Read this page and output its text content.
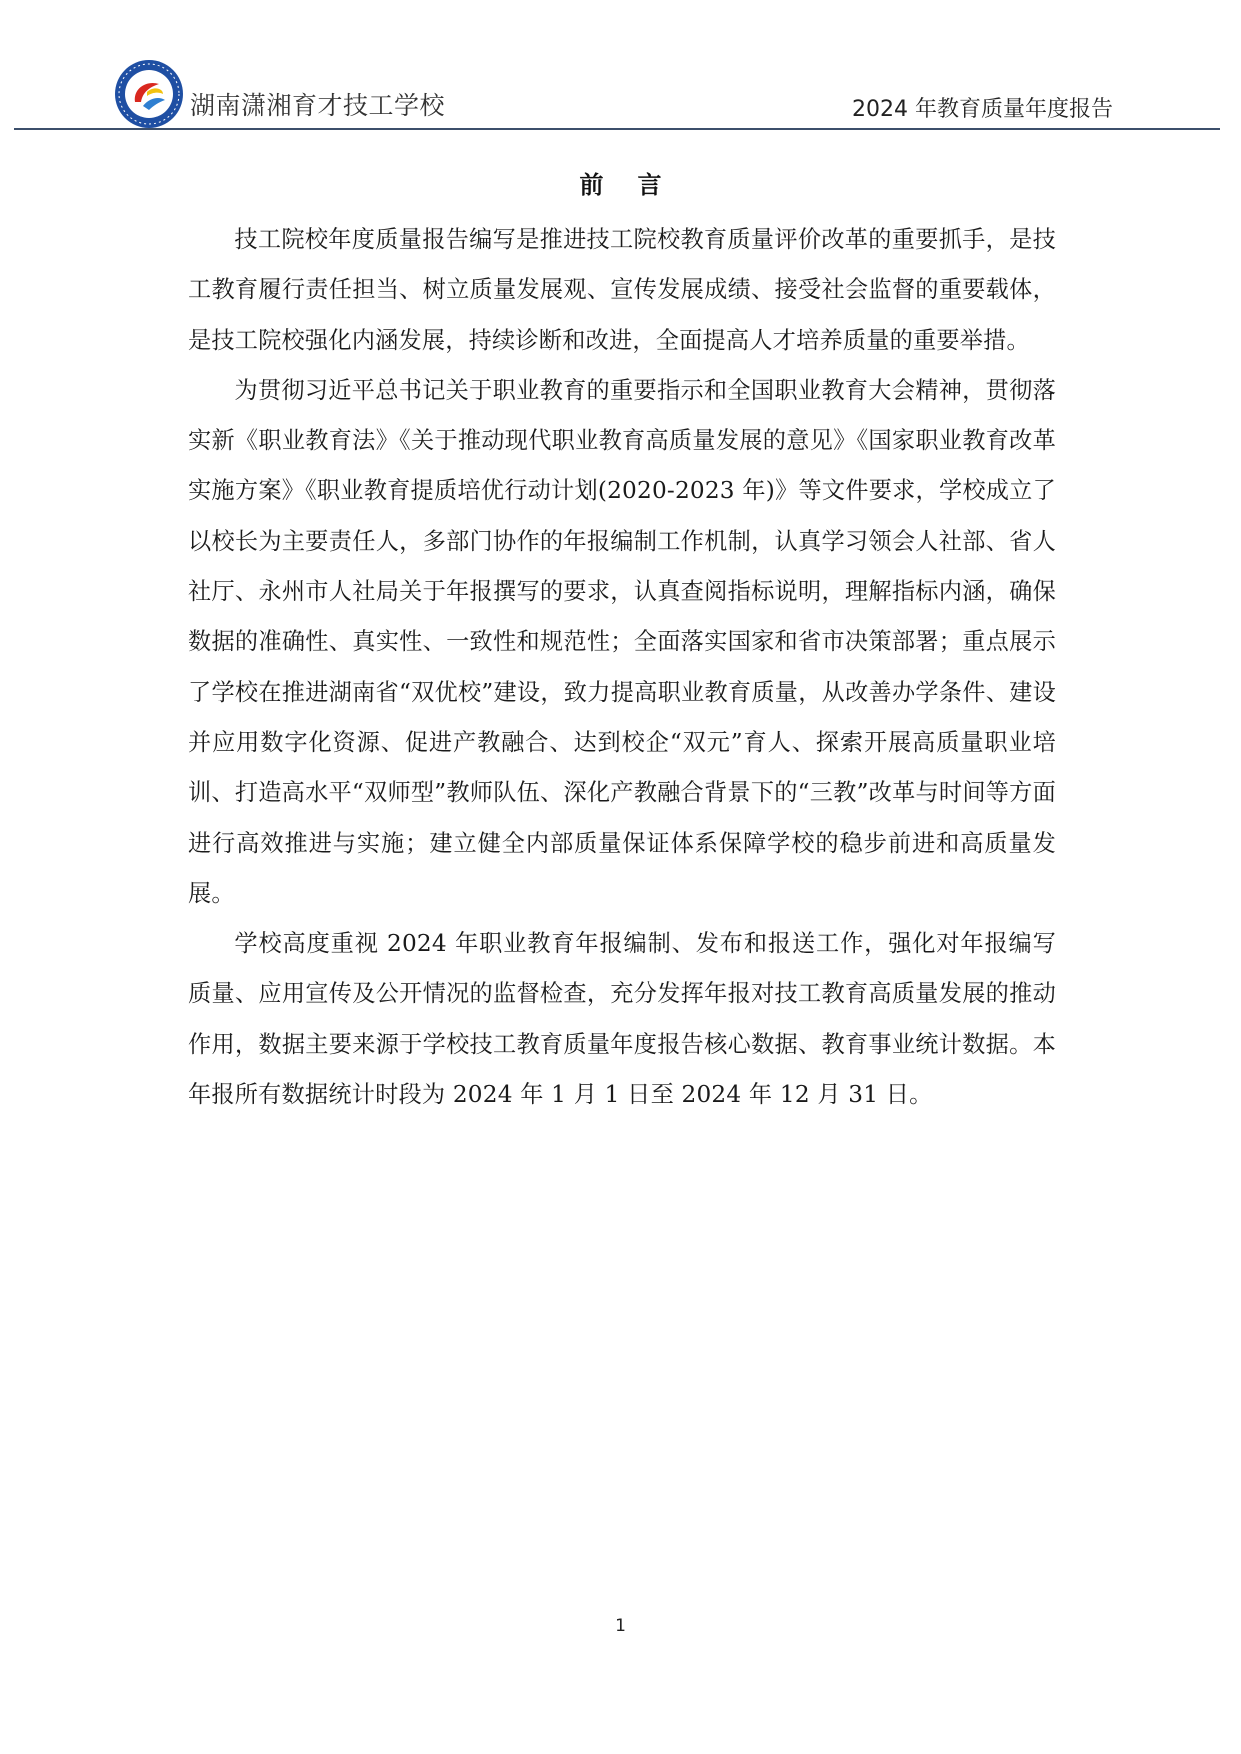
湖南潇湘育才技工学校	2024 年教育质量年度报告
前言

技工院校年度质量报告编写是推进技工院校教育质量评价改革的重要抓手，是技工教育履行责任担当、树立质量发展观、宣传发展成绩、接受社会监督的重要载体，是技工院校强化内涵发展，持续诊断和改进，全面提高人才培养质量的重要举措。

为贯彻习近平总书记关于职业教育的重要指示和全国职业教育大会精神，贯彻落实新《职业教育法》《关于推动现代职业教育高质量发展的意见》《国家职业教育改革实施方案》《职业教育提质培优行动计划(2020-2023 年)》等文件要求，学校成立了以校长为主要责任人，多部门协作的年报编制工作机制，认真学习领会人社部、省人社厅、永州市人社局关于年报撰写的要求，认真查阅指标说明，理解指标内涵，确保数据的准确性、真实性、一致性和规范性；全面落实国家和省市决策部署；重点展示了学校在推进湖南省“双优校”建设，致力提高职业教育质量，从改善办学条件、建设并应用数字化资源、促进产教融合、达到校企“双元”育人、探索开展高质量职业培训、打造高水平“双师型”教师队伍、深化产教融合背景下的“三教”改革与时间等方面进行高效推进与实施；建立健全内部质量保证体系保障学校的稳步前进和高质量发展。

学校高度重视 2024 年职业教育年报编制、发布和报送工作，强化对年报编写质量、应用宣传及公开情况的监督检查，充分发挥年报对技工教育高质量发展的推动作用，数据主要来源于学校技工教育质量年度报告核心数据、教育事业统计数据。本年报所有数据统计时段为 2024 年 1 月 1 日至 2024 年 12 月 31 日。

1
